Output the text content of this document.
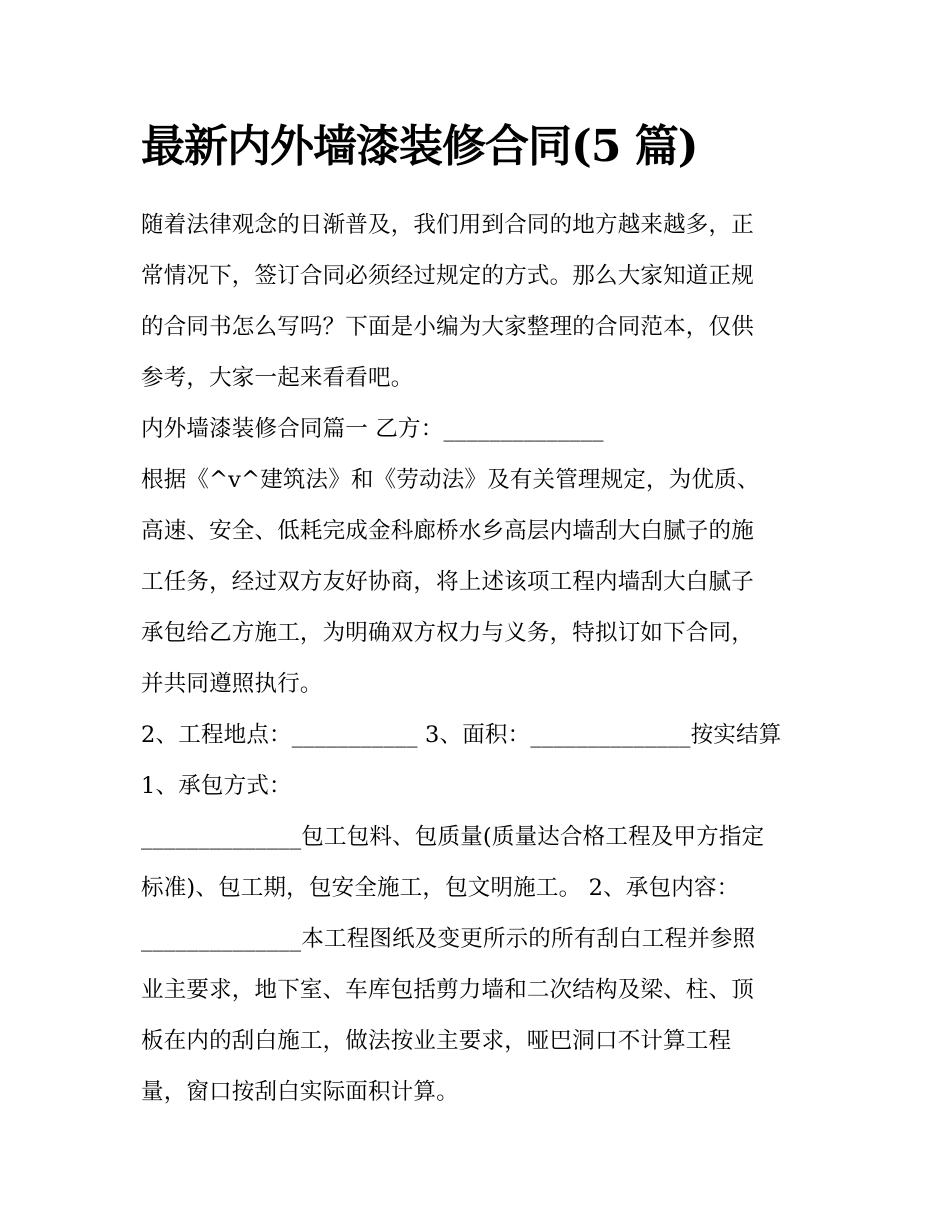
最新内外墙漆装修合同(5 篇)
随着法律观念的日渐普及，我们用到合同的地方越来越多，正
常情况下，签订合同必须经过规定的方式。那么大家知道正规
的合同书怎么写吗？下面是小编为大家整理的合同范本，仅供
参考，大家一起来看看吧。
内外墙漆装修合同篇一 乙方：______________
根据《^v^建筑法》和《劳动法》及有关管理规定，为优质、
高速、安全、低耗完成金科廊桥水乡高层内墙刮大白腻子的施
工任务，经过双方友好协商，将上述该项工程内墙刮大白腻子
承包给乙方施工，为明确双方权力与义务，特拟订如下合同，
并共同遵照执行。
2、工程地点：___________ 3、面积：______________按实结算
1、承包方式：
______________包工包料、包质量(质量达合格工程及甲方指定
标准)、包工期，包安全施工，包文明施工。 2、承包内容：
______________本工程图纸及变更所示的所有刮白工程并参照
业主要求，地下室、车库包括剪力墙和二次结构及梁、柱、顶
板在内的刮白施工，做法按业主要求，哑巴洞口不计算工程
量，窗口按刮白实际面积计算。
